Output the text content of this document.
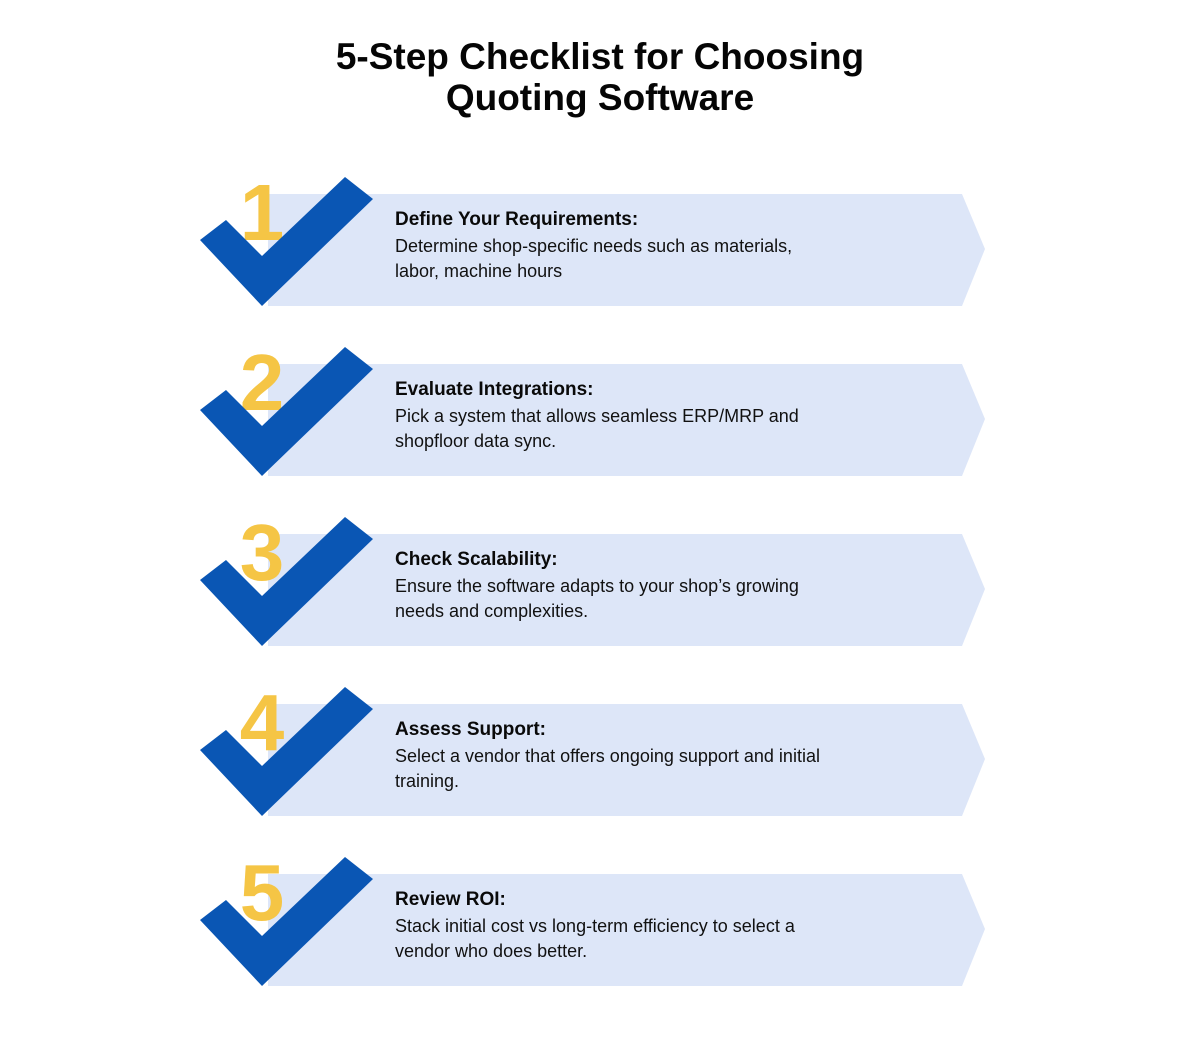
5-Step Checklist for Choosing
Quoting Software
1	Define Your Requirements:
Determine shop-specific needs such as materials,
labor, machine hours
2	Evaluate Integrations:
Pick a system that allows seamless ERP/MRP and
shopfloor data sync.
3	Check Scalability:
Ensure the software adapts to your shop’s growing
needs and complexities.
4	Assess Support:
Select a vendor that offers ongoing support and initial
training.
5	Review ROI:
Stack initial cost vs long-term efficiency to select a
vendor who does better.
